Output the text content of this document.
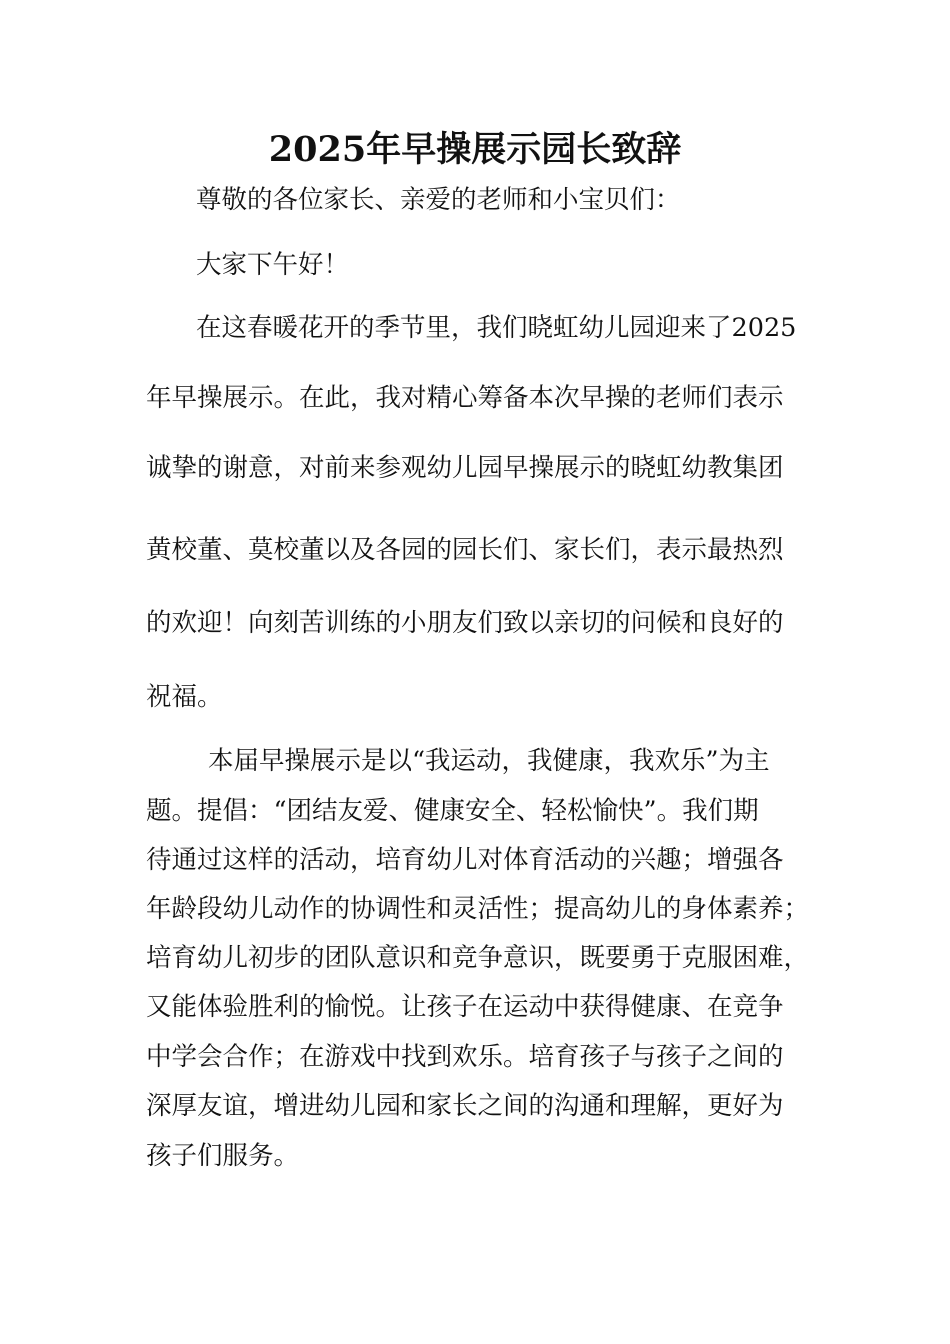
2025年早操展示园长致辞

尊敬的各位家长、亲爱的老师和小宝贝们：

大家下午好！

在这春暖花开的季节里，我们晓虹幼儿园迎来了2025

年早操展示。在此，我对精心筹备本次早操的老师们表示

诚挚的谢意，对前来参观幼儿园早操展示的晓虹幼教集团

黄校董、莫校董以及各园的园长们、家长们，表示最热烈

的欢迎！向刻苦训练的小朋友们致以亲切的问候和良好的

祝福。

本届早操展示是以“我运动，我健康，我欢乐”为主

题。提倡：“团结友爱、健康安全、轻松愉快”。我们期

待通过这样的活动，培育幼儿对体育活动的兴趣；增强各

年龄段幼儿动作的协调性和灵活性；提高幼儿的身体素养；

培育幼儿初步的团队意识和竞争意识，既要勇于克服困难，

又能体验胜利的愉悦。让孩子在运动中获得健康、在竞争

中学会合作；在游戏中找到欢乐。培育孩子与孩子之间的

深厚友谊，增进幼儿园和家长之间的沟通和理解，更好为

孩子们服务。
